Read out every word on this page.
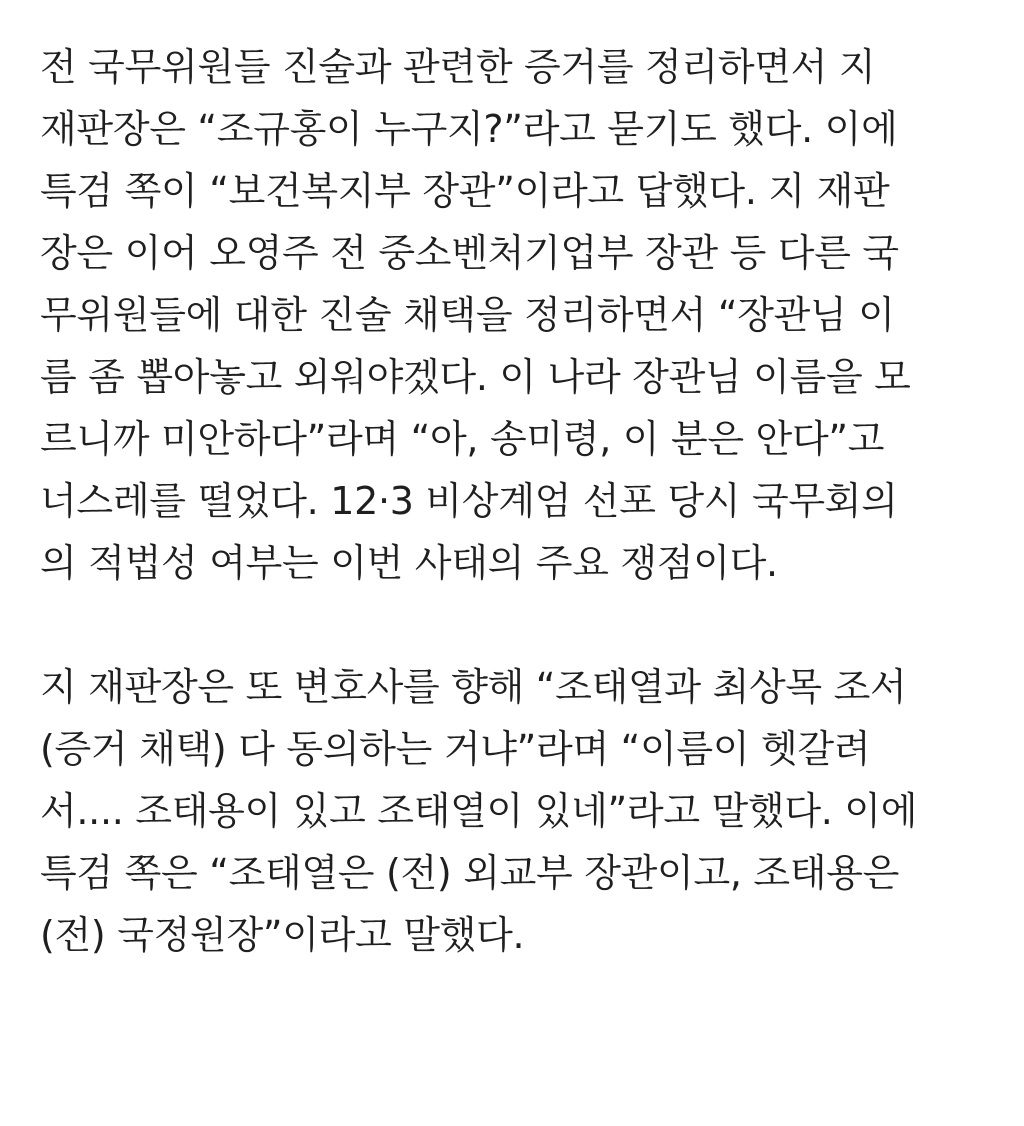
전 국무위원들 진술과 관련한 증거를 정리하면서 지
재판장은 “조규홍이 누구지?”라고 묻기도 했다. 이에
특검 쪽이 “보건복지부 장관”이라고 답했다. 지 재판
장은 이어 오영주 전 중소벤처기업부 장관 등 다른 국
무위원들에 대한 진술 채택을 정리하면서 “장관님 이
름 좀 뽑아놓고 외워야겠다. 이 나라 장관님 이름을 모
르니까 미안하다”라며 “아, 송미령, 이 분은 안다”고
너스레를 떨었다. 12·3 비상계엄 선포 당시 국무회의
의 적법성 여부는 이번 사태의 주요 쟁점이다.

지 재판장은 또 변호사를 향해 “조태열과 최상목 조서
(증거 채택) 다 동의하는 거냐”라며 “이름이 헷갈려
서.... 조태용이 있고 조태열이 있네”라고 말했다. 이에
특검 쪽은 “조태열은 (전) 외교부 장관이고, 조태용은
(전) 국정원장”이라고 말했다.
